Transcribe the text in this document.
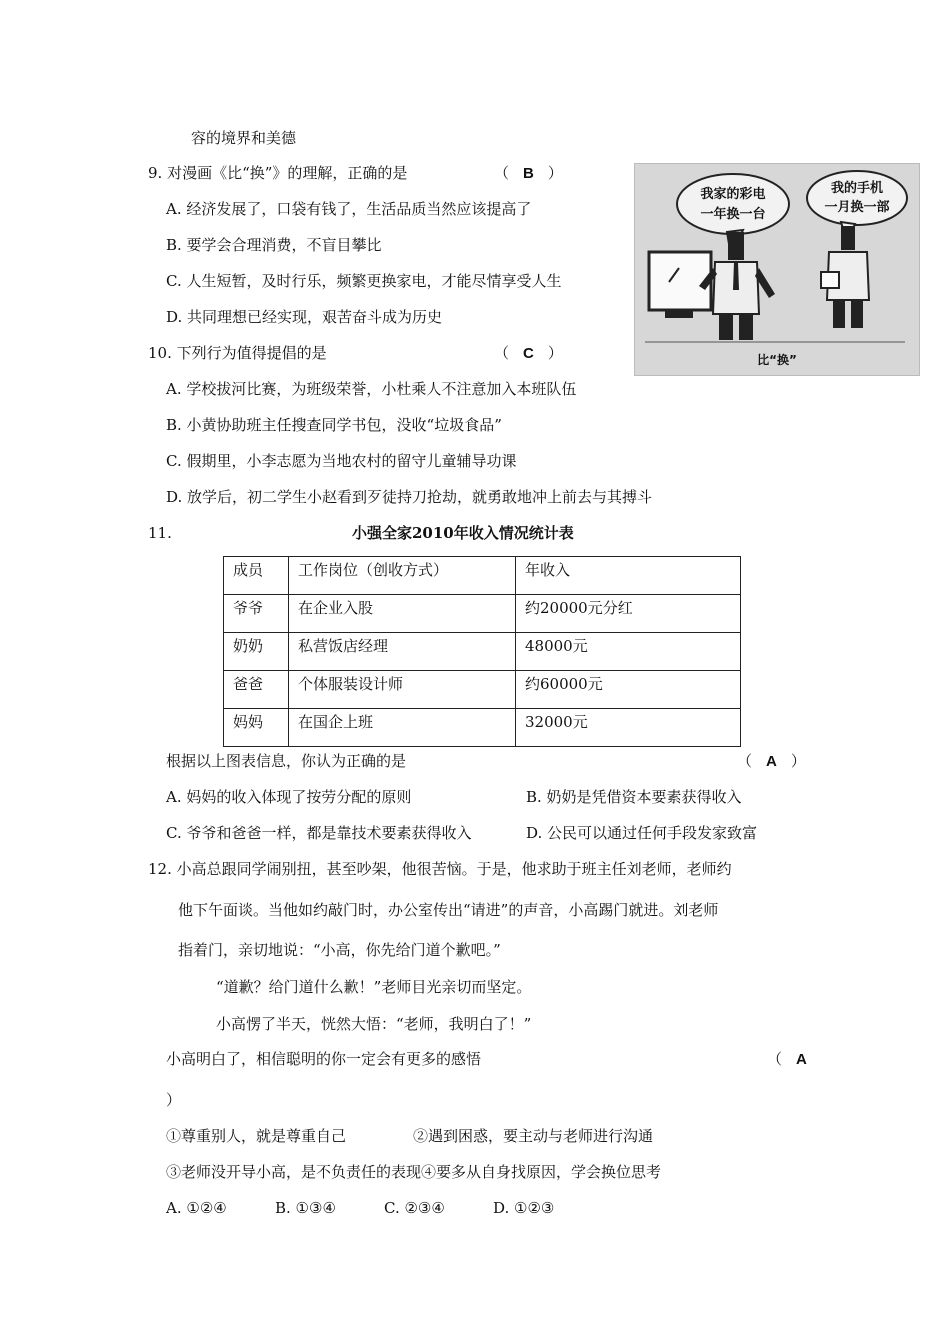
容的境界和美德
9. 对漫画《比“换”》的理解，正确的是	（ B ）
A. 经济发展了，口袋有钱了，生活品质当然应该提高了
B. 要学会合理消费，不盲目攀比
C. 人生短暂，及时行乐，频繁更换家电，才能尽情享受人生
D. 共同理想已经实现，艰苦奋斗成为历史
我家的彩电
一年换一台
我的手机
一月换一部
比“换”
10. 下列行为值得提倡的是	（ C ）
A. 学校拔河比赛，为班级荣誉，小杜乘人不注意加入本班队伍
B. 小黄协助班主任搜查同学书包，没收“垃圾食品”
C. 假期里，小李志愿为当地农村的留守儿童辅导功课
D. 放学后，初二学生小赵看到歹徒持刀抢劫，就勇敢地冲上前去与其搏斗
11.	小强全家2010年收入情况统计表
成员	工作岗位（创收方式）	年收入
爷爷	在企业入股	约20000元分红
奶奶	私营饭店经理	48000元
爸爸	个体服装设计师	约60000元
妈妈	在国企上班	32000元
根据以上图表信息，你认为正确的是	（ A ）
A. 妈妈的收入体现了按劳分配的原则	B. 奶奶是凭借资本要素获得收入
C. 爷爷和爸爸一样，都是靠技术要素获得收入	D. 公民可以通过任何手段发家致富
12. 小高总跟同学闹别扭，甚至吵架，他很苦恼。于是，他求助于班主任刘老师，老师约
他下午面谈。当他如约敲门时，办公室传出“请进”的声音，小高踢门就进。刘老师
指着门，亲切地说：“小高，你先给门道个歉吧。”
“道歉？给门道什么歉！”老师目光亲切而坚定。
小高愣了半天，恍然大悟：“老师，我明白了！”
小高明白了，相信聪明的你一定会有更多的感悟	（ A
）
①尊重别人，就是尊重自己	②遇到困惑，要主动与老师进行沟通
③老师没开导小高，是不负责任的表现④要多从自身找原因，学会换位思考
A. ①②④	B. ①③④	C. ②③④	D. ①②③
